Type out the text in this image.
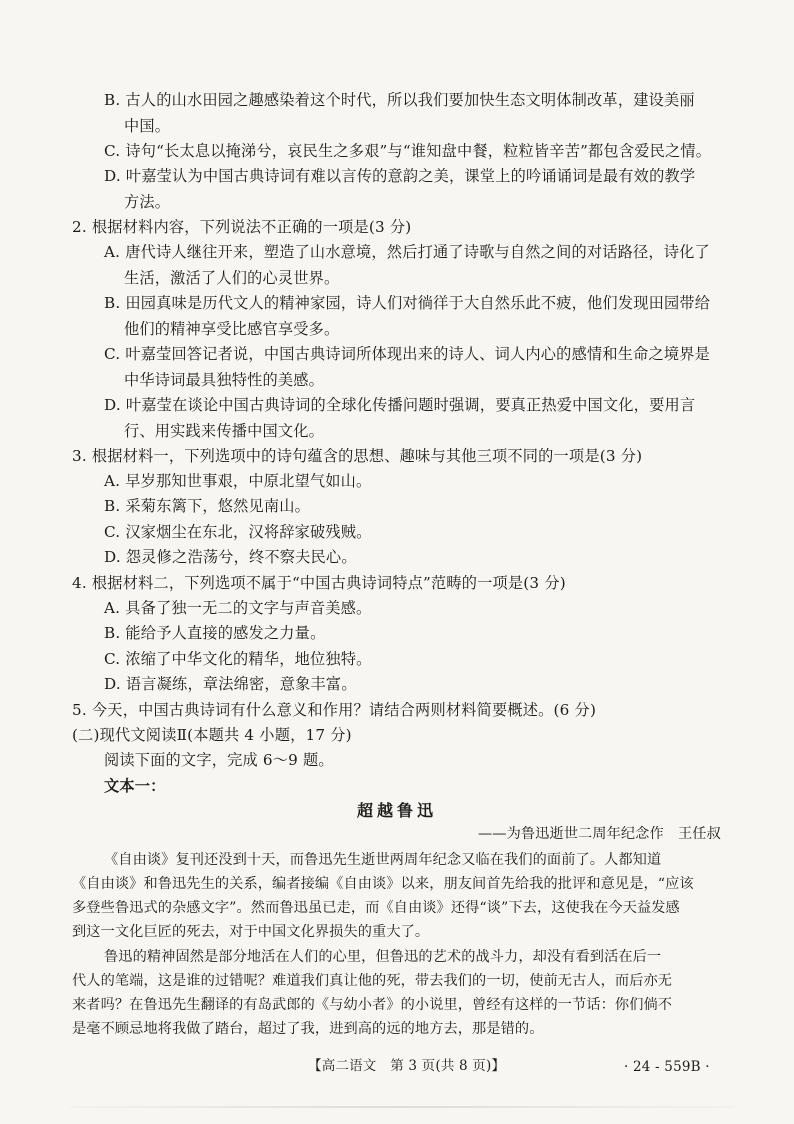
B. 古人的山水田园之趣感染着这个时代，所以我们要加快生态文明体制改革，建设美丽
中国。
C. 诗句“长太息以掩涕兮，哀民生之多艰”与“谁知盘中餐，粒粒皆辛苦”都包含爱民之情。
D. 叶嘉莹认为中国古典诗词有难以言传的意韵之美，课堂上的吟诵诵词是最有效的教学
方法。
2. 根据材料内容，下列说法不正确的一项是(3 分)
A. 唐代诗人继往开来，塑造了山水意境，然后打通了诗歌与自然之间的对话路径，诗化了
生活，激活了人们的心灵世界。
B. 田园真味是历代文人的精神家园，诗人们对徜徉于大自然乐此不疲，他们发现田园带给
他们的精神享受比感官享受多。
C. 叶嘉莹回答记者说，中国古典诗词所体现出来的诗人、词人内心的感情和生命之境界是
中华诗词最具独特性的美感。
D. 叶嘉莹在谈论中国古典诗词的全球化传播问题时强调，要真正热爱中国文化，要用言
行、用实践来传播中国文化。
3. 根据材料一，下列选项中的诗句蕴含的思想、趣味与其他三项不同的一项是(3 分)
A. 早岁那知世事艰，中原北望气如山。
B. 采菊东篱下，悠然见南山。
C. 汉家烟尘在东北，汉将辞家破残贼。
D. 怨灵修之浩荡兮，终不察夫民心。
4. 根据材料二，下列选项不属于“中国古典诗词特点”范畴的一项是(3 分)
A. 具备了独一无二的文字与声音美感。
B. 能给予人直接的感发之力量。
C. 浓缩了中华文化的精华，地位独特。
D. 语言凝练，章法绵密，意象丰富。
5. 今天，中国古典诗词有什么意义和作用？请结合两则材料简要概述。(6 分)
(二)现代文阅读Ⅱ(本题共 4 小题，17 分)
阅读下面的文字，完成 6～9 题。
文本一：
超越鲁迅
——为鲁迅逝世二周年纪念作 王任叔
《自由谈》复刊还没到十天，而鲁迅先生逝世两周年纪念又临在我们的面前了。人都知道
《自由谈》和鲁迅先生的关系，编者接编《自由谈》以来，朋友间首先给我的批评和意见是，“应该
多登些鲁迅式的杂感文字”。然而鲁迅虽已走，而《自由谈》还得“谈”下去，这使我在今天益发感
到这一文化巨匠的死去，对于中国文化界损失的重大了。
鲁迅的精神固然是部分地活在人们的心里，但鲁迅的艺术的战斗力，却没有看到活在后一
代人的笔端，这是谁的过错呢？难道我们真让他的死，带去我们的一切，使前无古人，而后亦无
来者吗？在鲁迅先生翻译的有岛武郎的《与幼小者》的小说里，曾经有这样的一节话：你们倘不
是毫不顾忌地将我做了踏台，超过了我，进到高的远的地方去，那是错的。
【高二语文　第 3 页(共 8 页)】	· 24 - 559B ·
